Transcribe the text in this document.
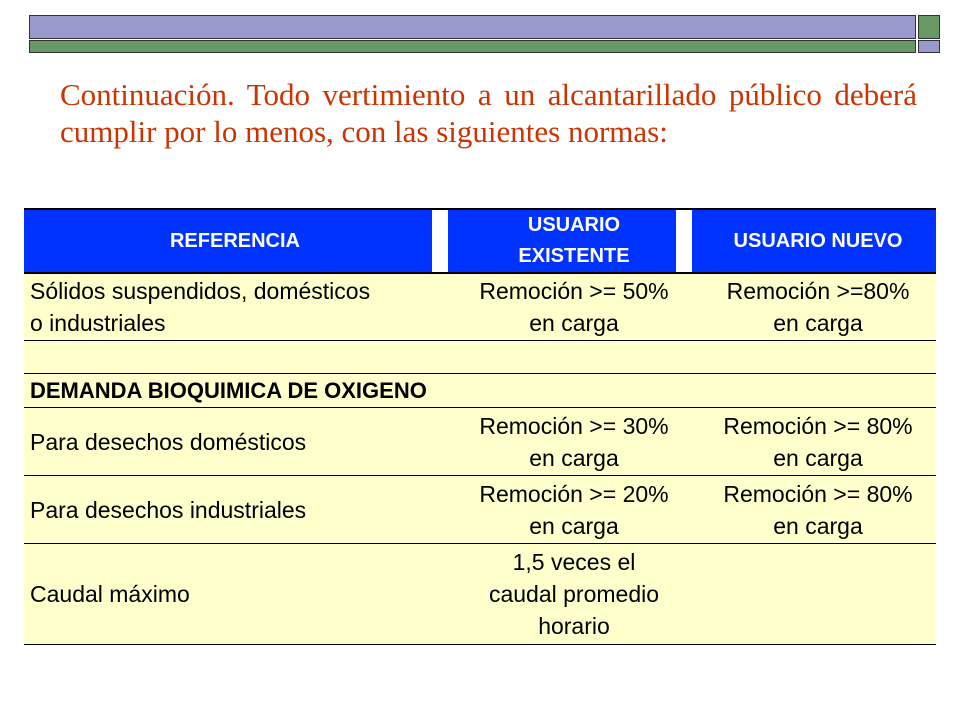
Continuación. Todo vertimiento a un alcantarillado público deberá cumplir por lo menos, con las siguientes normas:

REFERENCIA
USUARIO
EXISTENTE
USUARIO NUEVO
Sólidos suspendidos, domésticos
o industriales
Remoción >= 50%
en carga
Remoción >=80%
en carga
DEMANDA BIOQUIMICA DE OXIGENO
Para desechos domésticos
Remoción >= 30%
en carga
Remoción >= 80%
en carga
Para desechos industriales
Remoción >= 20%
en carga
Remoción >= 80%
en carga
Caudal máximo
1,5 veces el
caudal promedio
horario
